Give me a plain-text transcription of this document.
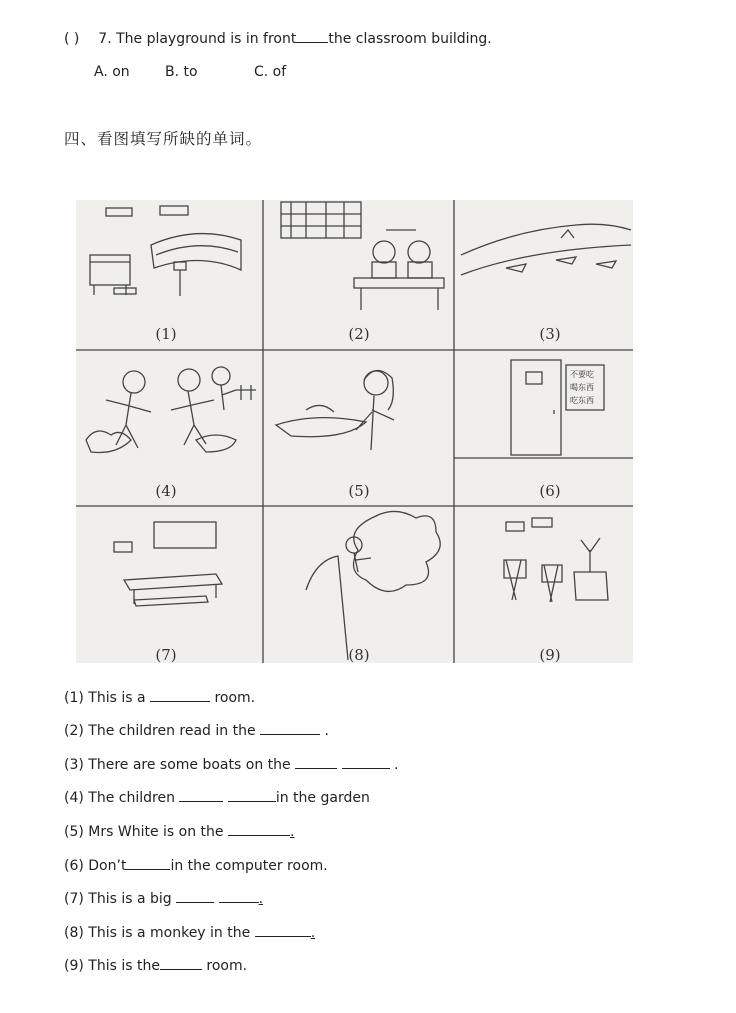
( ) 7. The playground is in front the classroom building.
A. on	B. to	C. of
四、看图填写所缺的单词。
不要吃
喝东西
吃东西
(1)	(2)	(3)
(4)	(5)	(6)
(7)	(8)	(9)
(1) This is a	room.
(2) The children read in the	.
(3) There are some boats on the	.
(4) The children	in the garden
(5) Mrs White is on the	.
(6) Don’t	in the computer room.
(7) This is a big	.
(8) This is a monkey in the	.
(9) This is the	room.
